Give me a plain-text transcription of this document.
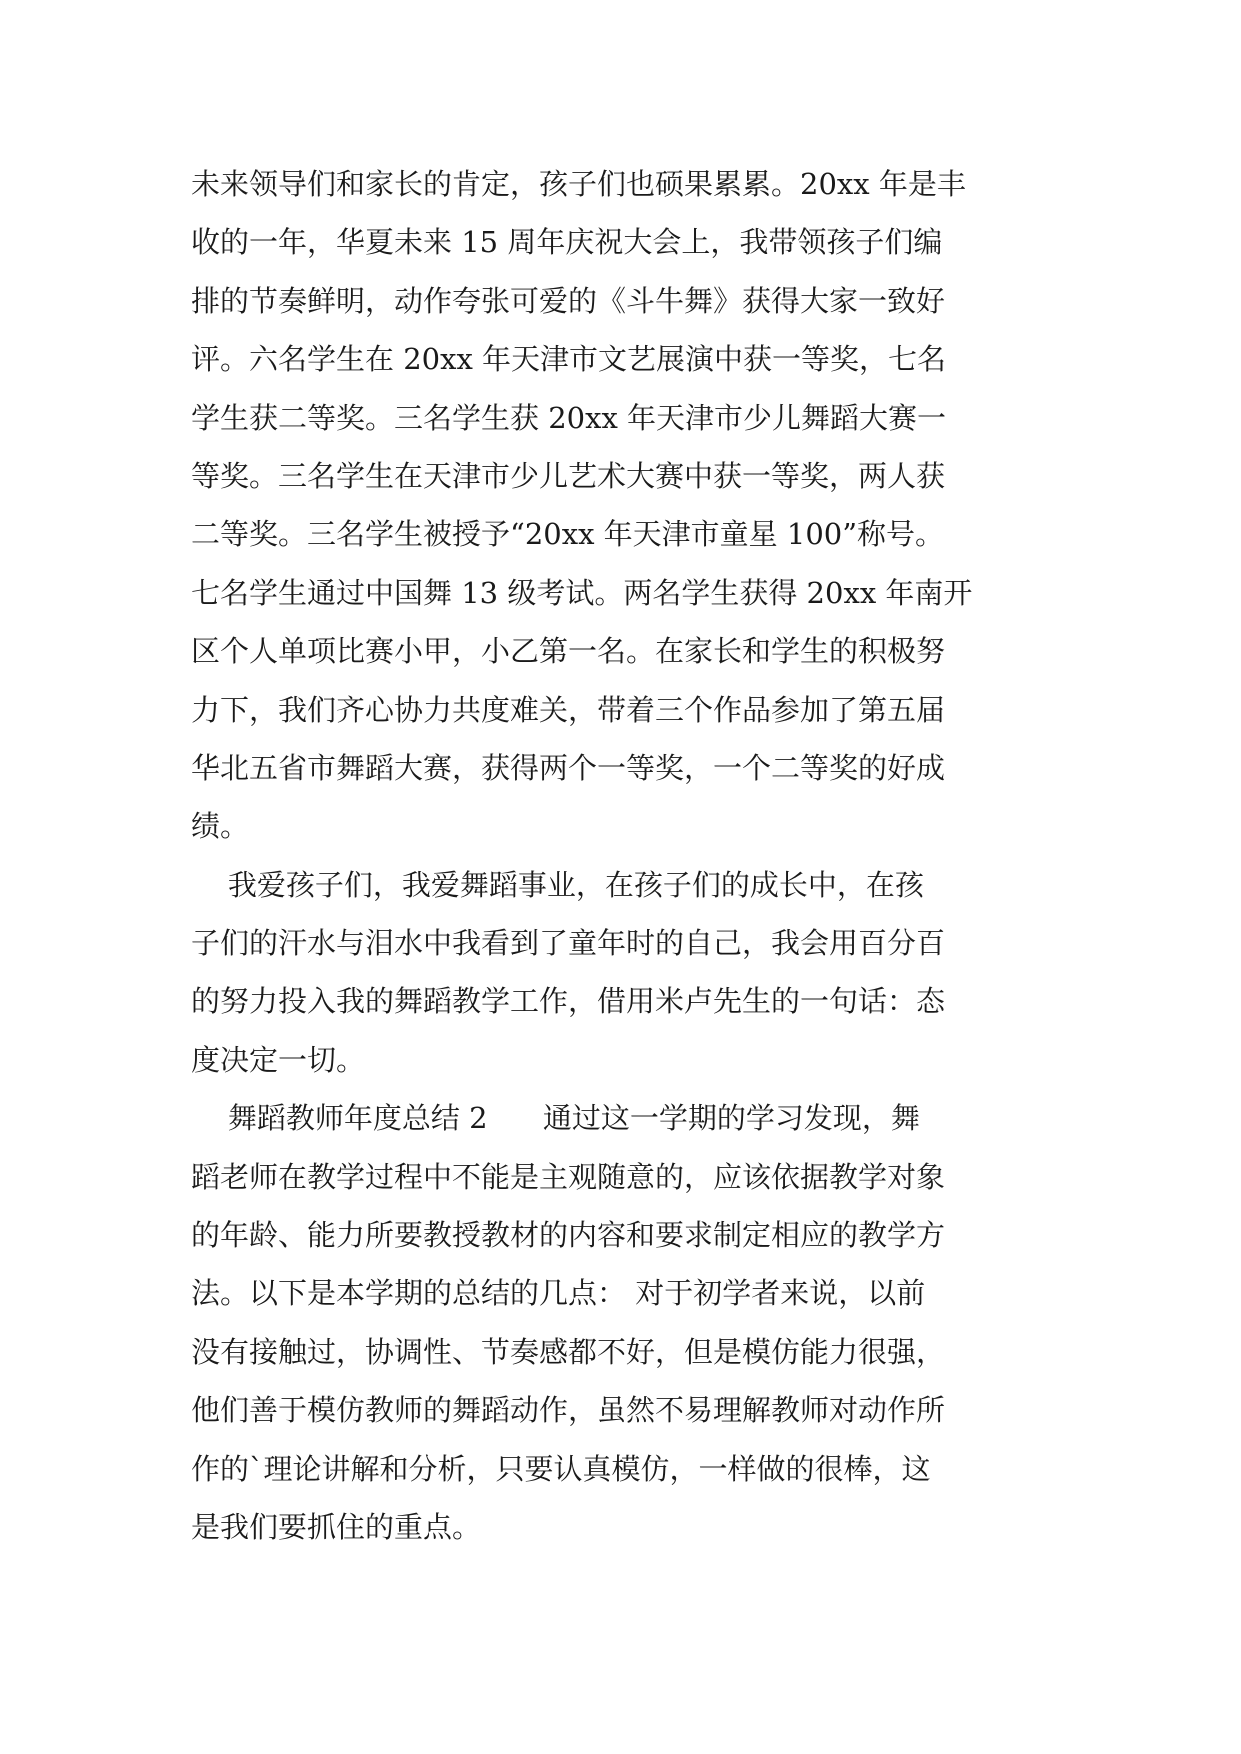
未来领导们和家长的肯定，孩子们也硕果累累。20xx 年是丰
收的一年，华夏未来 15 周年庆祝大会上，我带领孩子们编
排的节奏鲜明，动作夸张可爱的《斗牛舞》获得大家一致好
评。六名学生在 20xx 年天津市文艺展演中获一等奖，七名
学生获二等奖。三名学生获 20xx 年天津市少儿舞蹈大赛一
等奖。三名学生在天津市少儿艺术大赛中获一等奖，两人获
二等奖。三名学生被授予“20xx 年天津市童星 100”称号。
七名学生通过中国舞 13 级考试。两名学生获得 20xx 年南开
区个人单项比赛小甲，小乙第一名。在家长和学生的积极努
力下，我们齐心协力共度难关，带着三个作品参加了第五届
华北五省市舞蹈大赛，获得两个一等奖，一个二等奖的好成
绩。
我爱孩子们，我爱舞蹈事业，在孩子们的成长中，在孩
子们的汗水与泪水中我看到了童年时的自己，我会用百分百
的努力投入我的舞蹈教学工作，借用米卢先生的一句话：态
度决定一切。
舞蹈教师年度总结 2      通过这一学期的学习发现，舞
蹈老师在教学过程中不能是主观随意的，应该依据教学对象
的年龄、能力所要教授教材的内容和要求制定相应的教学方
法。以下是本学期的总结的几点： 对于初学者来说，以前
没有接触过，协调性、节奏感都不好，但是模仿能力很强，
他们善于模仿教师的舞蹈动作，虽然不易理解教师对动作所
作的`理论讲解和分析，只要认真模仿，一样做的很棒，这
是我们要抓住的重点。
